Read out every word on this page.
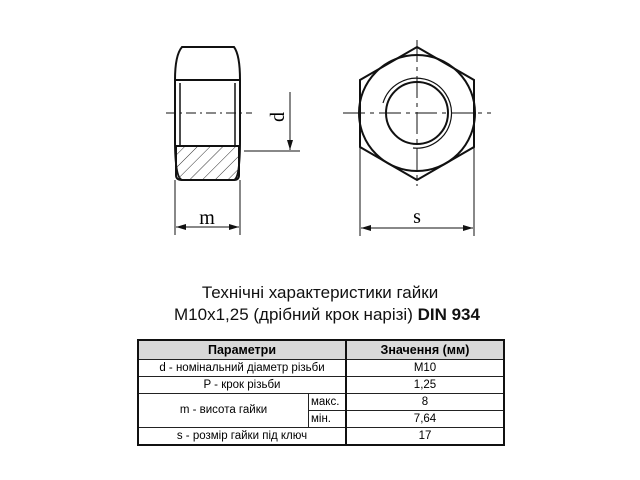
m
d
s
Технічні характеристики гайки
M10x1,25 (дрібний крок нарізі) DIN 934
Параметри		Значення (мм)
d - номінальний діаметр різьби		M10
P - крок різьби		1,25
m - висота гайки	макс.	8
	мін.	7,64
s - розмір гайки під ключ		17
